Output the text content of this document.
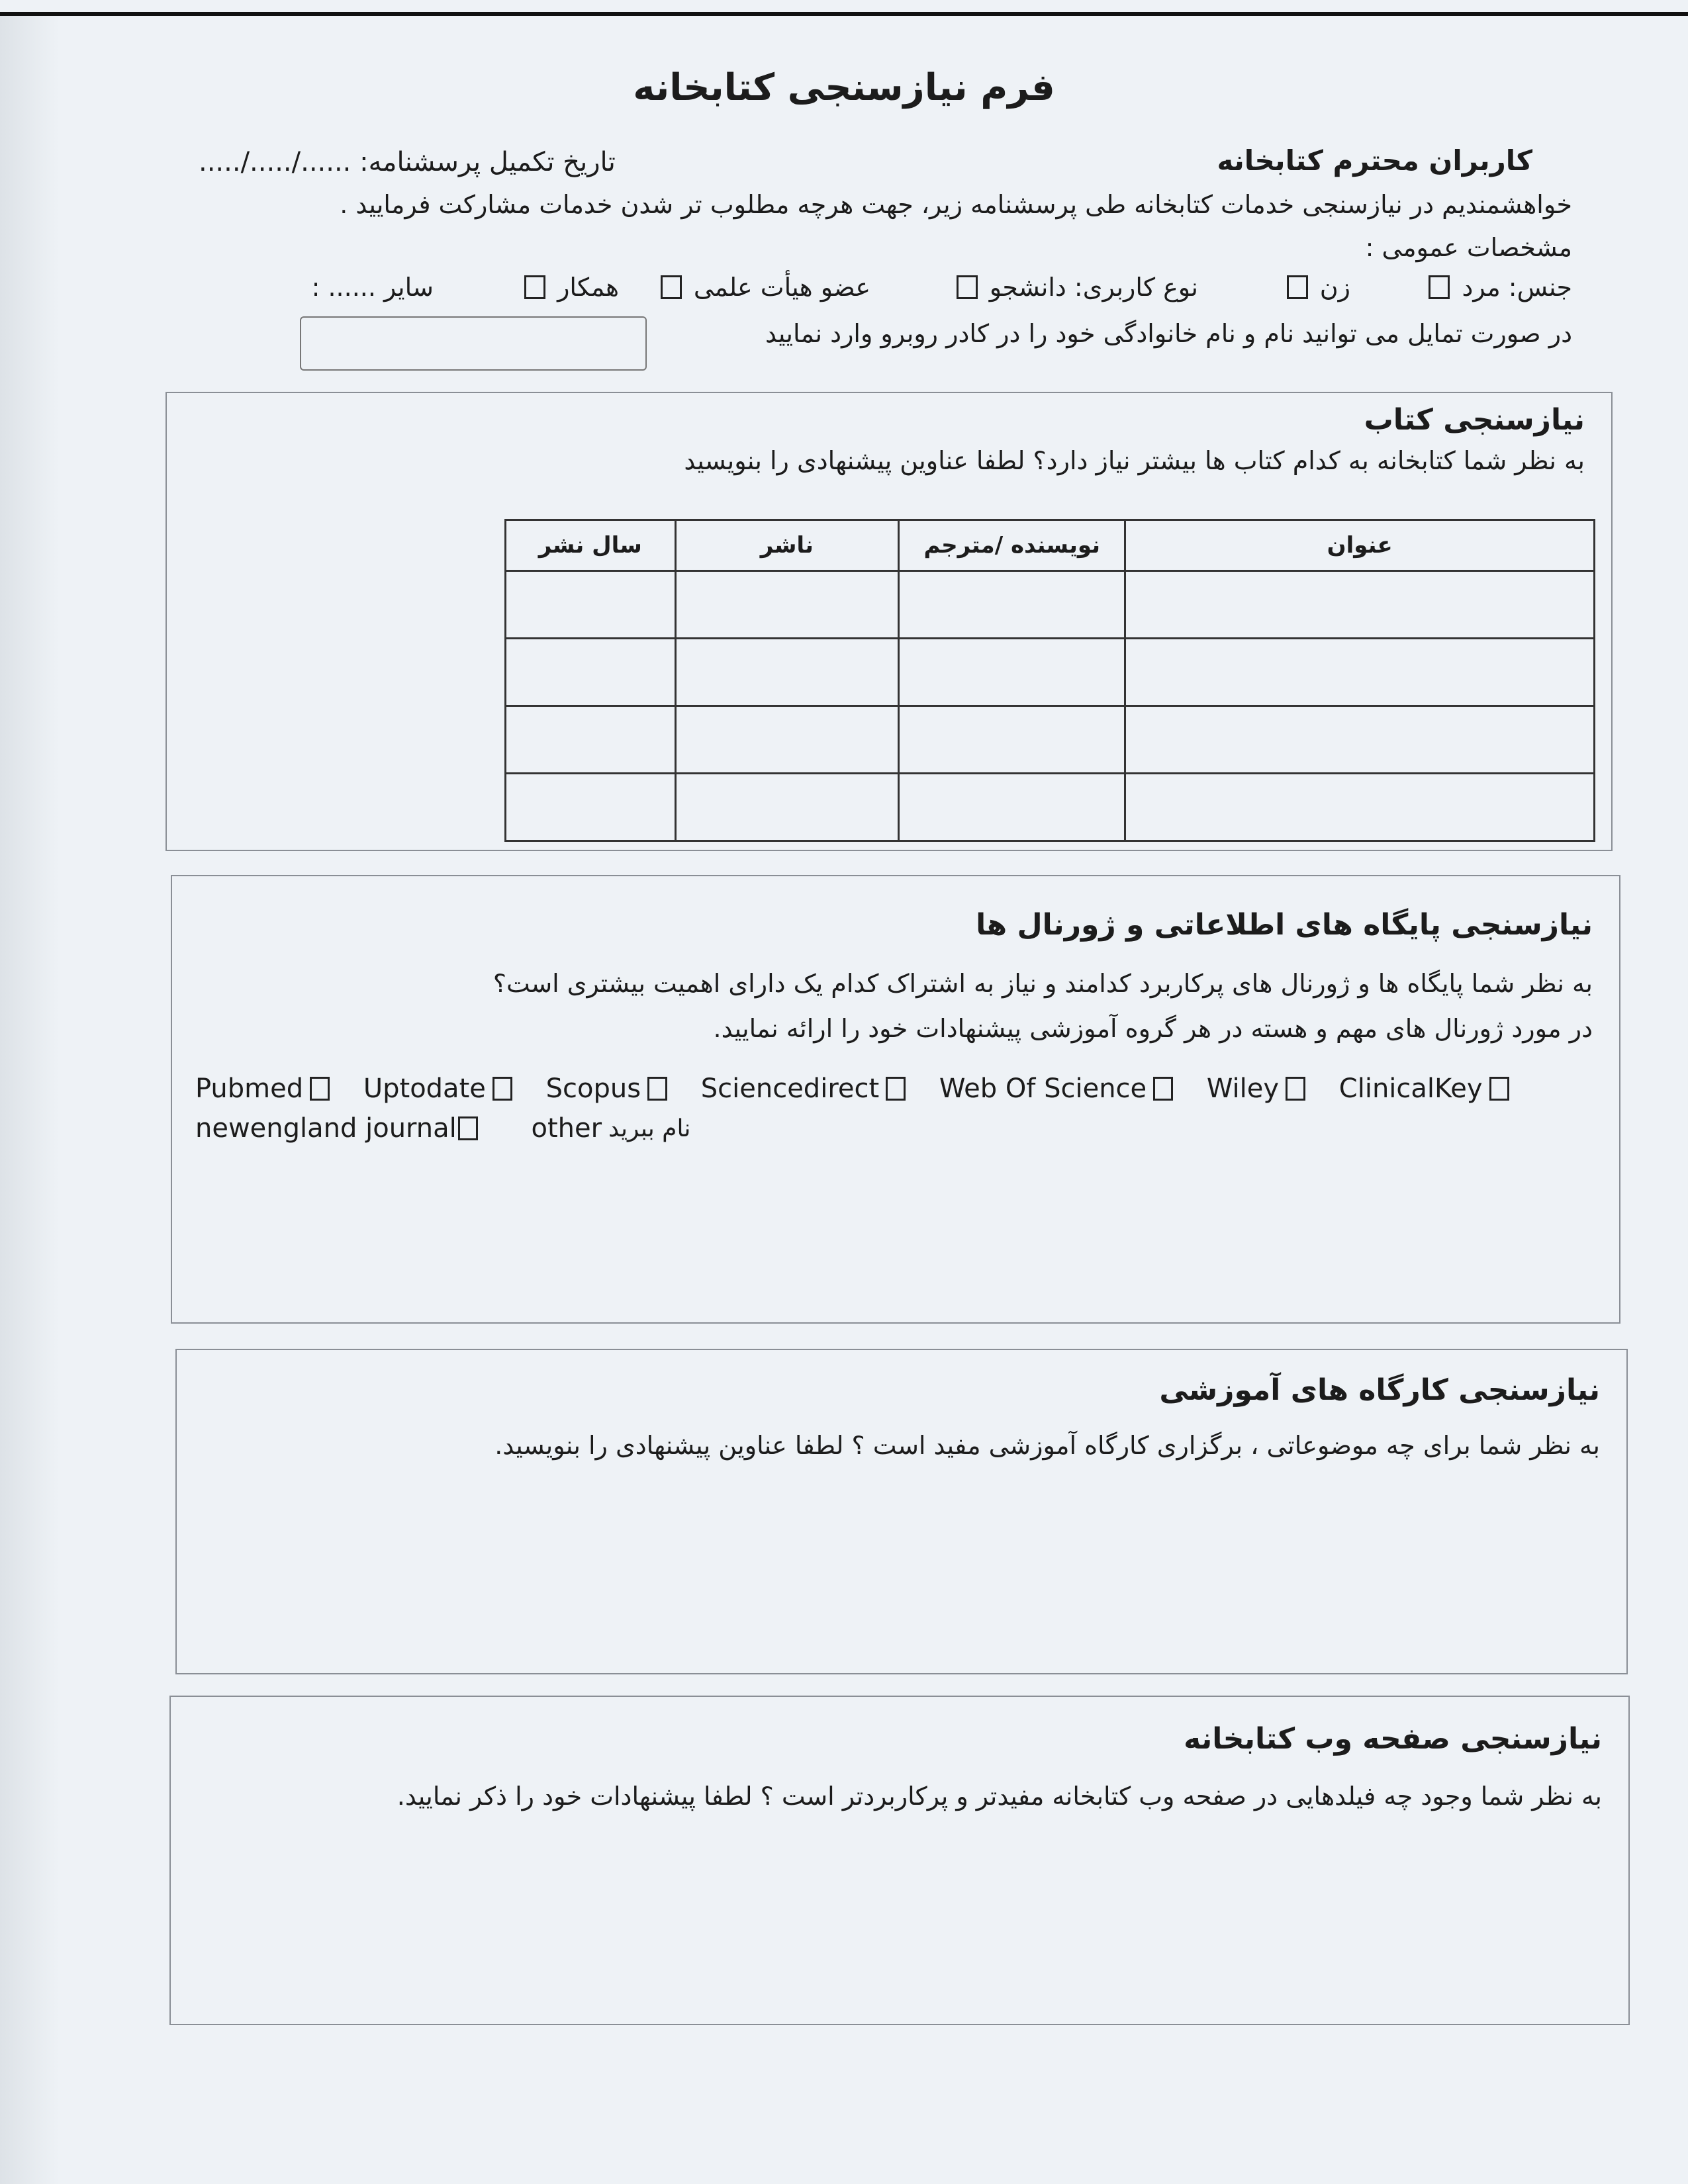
فرم نیازسنجی کتابخانه
کاربران محترم کتابخانه
تاریخ تکمیل پرسشنامه: ....../...../.....
خواهشمندیم در نیازسنجی خدمات کتابخانه طی پرسشنامه زیر، جهت هرچه مطلوب تر شدن خدمات مشارکت فرمایید .
مشخصات عمومی :
جنس: مرد
زن
نوع کاربری: دانشجو
عضو هیأت علمی
همکار
سایر ...... :
در صورت تمایل می توانید نام و نام خانوادگی خود را در کادر روبرو وارد نمایید
نیازسنجی کتاب
به نظر شما کتابخانه به کدام کتاب ها بیشتر نیاز دارد؟ لطفا عناوین پیشنهادی را بنویسید
عنوان	نویسنده /مترجم	ناشر	سال نشر

نیازسنجی پایگاه های اطلاعاتی و ژورنال ها
به نظر شما پایگاه ها و ژورنال های پرکاربرد کدامند و نیاز به اشتراک کدام یک دارای اهمیت بیشتری است؟
در مورد ژورنال های مهم و هسته در هر گروه آموزشی پیشنهادات خود را ارائه نمایید.
Pubmed
Uptodate
Scopus
Sciencedirect
Web Of Science
Wiley
ClinicalKey
newengland journal
	other نام ببرید
نیازسنجی کارگاه های آموزشی
به نظر شما برای چه موضوعاتی ، برگزاری کارگاه آموزشی مفید است ؟ لطفا عناوین پیشنهادی را بنویسید.
نیازسنجی صفحه وب کتابخانه
به نظر شما وجود چه فیلدهایی در صفحه وب کتابخانه مفیدتر و پرکاربردتر است ؟ لطفا پیشنهادات خود را ذکر نمایید.
